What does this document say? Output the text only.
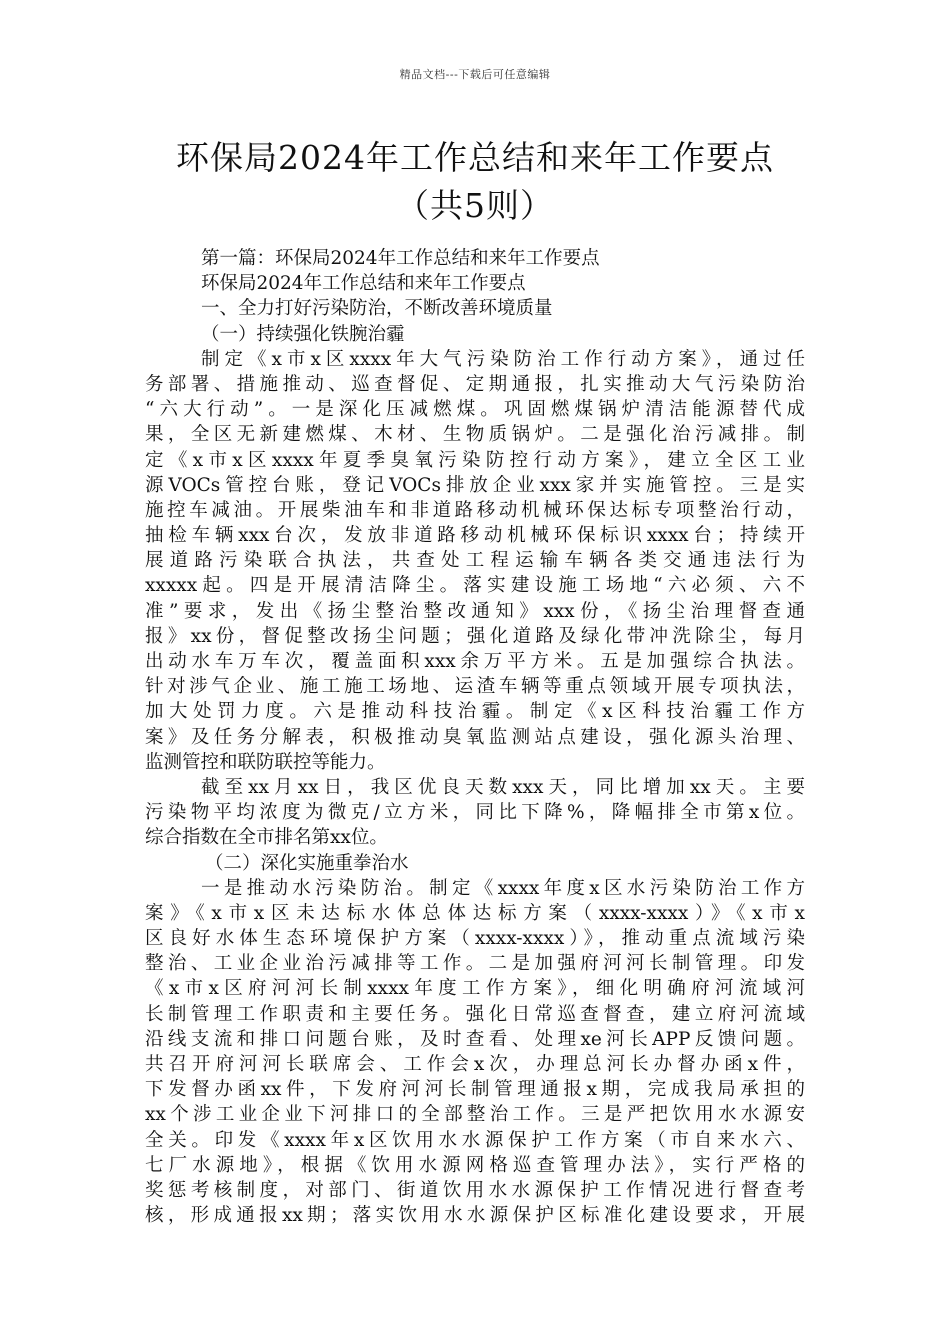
精品文档---下载后可任意编辑
环保局2024年工作总结和来年工作要点
（共5则）
第一篇：环保局2024年工作总结和来年工作要点
环保局2024年工作总结和来年工作要点
一、全力打好污染防治，不断改善环境质量
（一）持续强化铁腕治霾
制定《x市x区xxxx年大气污染防治工作行动方案》，通过任
务部署、措施推动、巡查督促、定期通报，扎实推动大气污染防治
“六大行动”。一是深化压减燃煤。巩固燃煤锅炉清洁能源替代成
果，全区无新建燃煤、木材、生物质锅炉。二是强化治污减排。制
定《x市x区xxxx年夏季臭氧污染防控行动方案》，建立全区工业
源VOCs管控台账，登记VOCs排放企业xxx家并实施管控。三是实
施控车减油。开展柴油车和非道路移动机械环保达标专项整治行动，
抽检车辆xxx台次，发放非道路移动机械环保标识xxxx台；持续开
展道路污染联合执法，共查处工程运输车辆各类交通违法行为
xxxxx起。四是开展清洁降尘。落实建设施工场地“六必须、六不
准”要求，发出《扬尘整治整改通知》xxx份，《扬尘治理督查通
报》xx份，督促整改扬尘问题；强化道路及绿化带冲洗除尘，每月
出动水车万车次，覆盖面积xxx余万平方米。五是加强综合执法。
针对涉气企业、施工施工场地、运渣车辆等重点领域开展专项执法，
加大处罚力度。六是推动科技治霾。制定《x区科技治霾工作方
案》及任务分解表，积极推动臭氧监测站点建设，强化源头治理、
监测管控和联防联控等能力。
截至xx月xx日，我区优良天数xxx天，同比增加xx天。主要
污染物平均浓度为微克/立方米，同比下降%，降幅排全市第x位。
综合指数在全市排名第xx位。
（二）深化实施重拳治水
一是推动水污染防治。制定《xxxx年度x区水污染防治工作方
案》《x市x区未达标水体总体达标方案（xxxx-xxxx）》《x市x
区良好水体生态环境保护方案（xxxx-xxxx）》，推动重点流域污染
整治、工业企业治污减排等工作。二是加强府河河长制管理。印发
《x市x区府河河长制xxxx年度工作方案》，细化明确府河流域河
长制管理工作职责和主要任务。强化日常巡查督查，建立府河流域
沿线支流和排口问题台账，及时查看、处理xe河长APP反馈问题。
共召开府河河长联席会、工作会x次，办理总河长办督办函x件，
下发督办函xx件，下发府河河长制管理通报x期，完成我局承担的
xx个涉工业企业下河排口的全部整治工作。三是严把饮用水水源安
全关。印发《xxxx年x区饮用水水源保护工作方案（市自来水六、
七厂水源地》，根据《饮用水源网格巡查管理办法》，实行严格的
奖惩考核制度，对部门、街道饮用水水源保护工作情况进行督查考
核，形成通报xx期；落实饮用水水源保护区标准化建设要求，开展
